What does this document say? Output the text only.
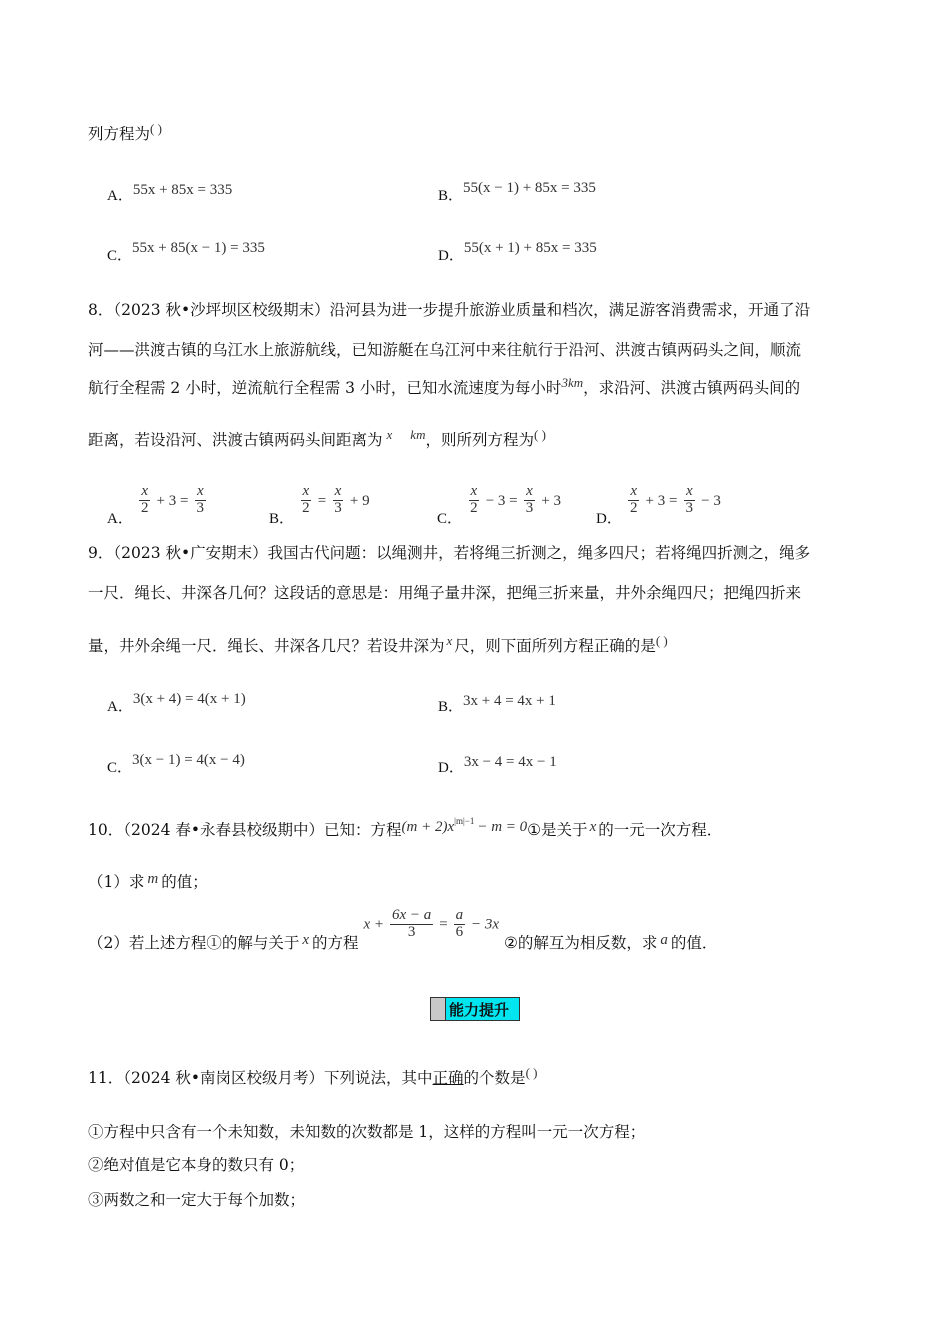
列方程为( )
A．55x + 85x = 335	B．55(x − 1) + 85x = 335
C．55x + 85(x − 1) = 335	D．55(x + 1) + 85x = 335
8．（2023 秋•沙坪坝区校级期末）沿河县为进一步提升旅游业质量和档次，满足游客消费需求，开通了沿
河——洪渡古镇的乌江水上旅游航线，已知游艇在乌江河中来往航行于沿河、洪渡古镇两码头之间，顺流
航行全程需 2 小时，逆流航行全程需 3 小时，已知水流速度为每小时$^{3km}$，求沿河、洪渡古镇两码头间的
距离，若设沿河、洪渡古镇两码头间距离为 $^x$ $^{km}$，则所列方程为( )
A．
$\frac{x}{2} + 3 = \frac{x}{3}$
B．
$\frac{x}{2} = \frac{x}{3} + 9$
C．
$\frac{x}{2} - 3 = \frac{x}{3} + 3$
D．
$\frac{x}{2} + 3 = \frac{x}{3} - 3$
9．（2023 秋•广安期末）我国古代问题：以绳测井，若将绳三折测之，绳多四尺；若将绳四折测之，绳多
一尺．绳长、井深各几何？这段话的意思是：用绳子量井深，把绳三折来量，井外余绳四尺；把绳四折来
量，井外余绳一尺．绳长、井深各几尺？若设井深为 $^x$ 尺，则下面所列方程正确的是( )
A．3(x + 4) = 4(x + 1)	B．3x + 4 = 4x + 1
C．3(x − 1) = 4(x − 4)	D．3x − 4 = 4x − 1
10．（2024 春•永春县校级期中）已知：方程$(m + 2)x^{|m|-1} - m$ = 0①是关于 x 的一元一次方程．
（1）求 m 的值；
（2）若上述方程①的解与关于 x 的方程 $x + \frac{6x - a}{3} = \frac{a}{6} - 3x$ ②的解互为相反数，求 a 的值．
能力提升
11．（2024 秋•南岗区校级月考）下列说法，其中正确的个数是( )
①方程中只含有一个未知数，未知数的次数都是 1，这样的方程叫一元一次方程；
②绝对值是它本身的数只有 0；
③两数之和一定大于每个加数；
